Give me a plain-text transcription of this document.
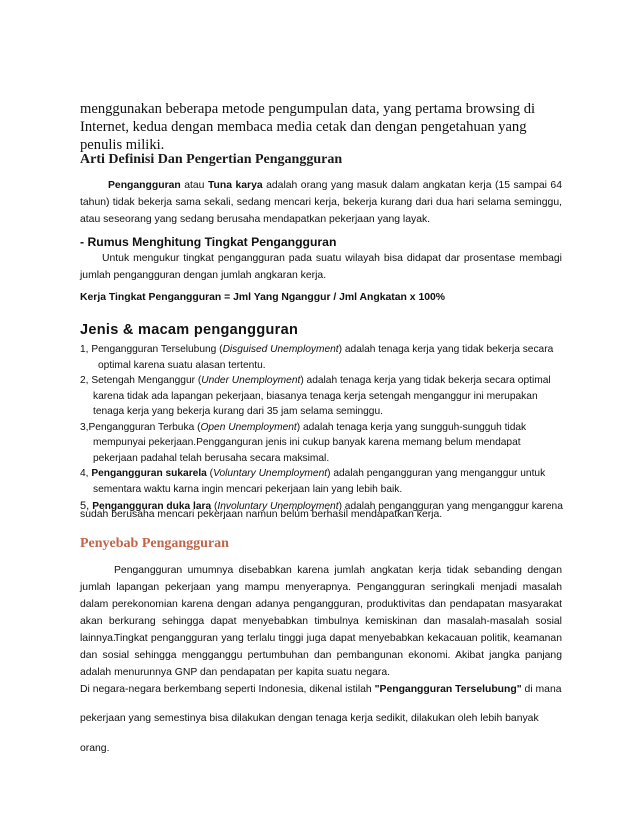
menggunakan beberapa metode pengumpulan data, yang pertama browsing di Internet, kedua dengan membaca media cetak dan dengan pengetahuan yang penulis miliki.
Arti Definisi Dan Pengertian Pengangguran
Pengangguran atau Tuna karya adalah orang yang masuk dalam angkatan kerja (15 sampai 64 tahun) tidak bekerja sama sekali, sedang mencari kerja, bekerja kurang dari dua hari selama seminggu, atau seseorang yang sedang berusaha mendapatkan pekerjaan yang layak.
- Rumus Menghitung Tingkat Pengangguran
Untuk mengukur tingkat pengangguran pada suatu wilayah bisa didapat dar prosentase membagi jumlah pengangguran dengan jumlah angkaran kerja.
Kerja Tingkat Pengangguran = Jml Yang Nganggur / Jml Angkatan x 100%
Jenis & macam pengangguran
1, Pengangguran Terselubung (Disguised Unemployment) adalah tenaga kerja yang tidak bekerja secara
optimal karena suatu alasan tertentu.
2, Setengah Menganggur (Under Unemployment) adalah tenaga kerja yang tidak bekerja secara optimal
karena tidak ada lapangan pekerjaan, biasanya tenaga kerja setengah menganggur ini merupakan
tenaga kerja yang bekerja kurang dari 35 jam selama seminggu.
3,Pengangguran Terbuka (Open Unemployment) adalah tenaga kerja yang sungguh-sungguh tidak
mempunyai pekerjaan.Pengganguran jenis ini cukup banyak karena memang belum mendapat
pekerjaan padahal telah berusaha secara maksimal.
4, Pengangguran sukarela (Voluntary Unemployment) adalah pengangguran yang menganggur untuk
sementara waktu karna ingin mencari pekerjaan lain yang lebih baik.
5, Pengangguran duka lara (Involuntary Unemployment) adalah pengangguran yang menganggur karena
sudah berusaha mencari pekerjaan namun belum berhasil mendapatkan kerja.
Penyebab Pengangguran
Pengangguran umumnya disebabkan karena jumlah angkatan kerja tidak sebanding dengan jumlah lapangan pekerjaan yang mampu menyerapnya. Pengangguran seringkali menjadi masalah dalam perekonomian karena dengan adanya pengangguran, produktivitas dan pendapatan masyarakat akan berkurang sehingga dapat menyebabkan timbulnya kemiskinan dan masalah-masalah sosial lainnya.
Tingkat pengangguran yang terlalu tinggi juga dapat menyebabkan kekacauan politik, keamanan dan sosial sehingga mengganggu pertumbuhan dan pembangunan ekonomi. Akibat jangka panjang adalah menurunnya GNP dan pendapatan per kapita suatu negara.
Di negara-negara berkembang seperti Indonesia, dikenal istilah "Pengangguran Terselubung" di mana
pekerjaan yang semestinya bisa dilakukan dengan tenaga kerja sedikit, dilakukan oleh lebih banyak
orang.
